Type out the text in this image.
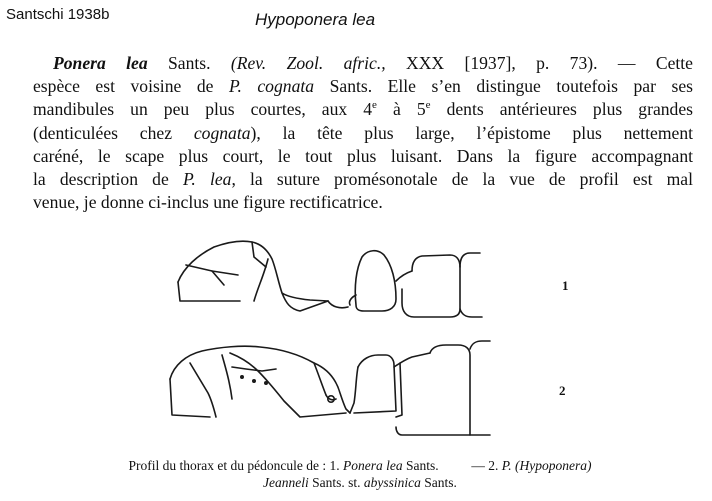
Santschi 1938b	Hypoponera lea
Ponera lea Sants. (Rev. Zool. afric., XXX [1937], p. 73). — Cette
espèce est voisine de P. cognata Sants. Elle s’en distingue toutefois par ses
mandibules un peu plus courtes, aux 4e à 5e dents antérieures plus grandes
(denticulées chez cognata), la tête plus large, l’épistome plus nettement
caréné, le scape plus court, le tout plus luisant. Dans la figure accompagnant
la description de P. lea, la suture promésonotale de la vue de profil est mal
venue, je donne ci-inclus une figure rectificatrice.
1
2
Profil du thorax et du pédoncule de : 1. Ponera lea Sants. — 2. P. (Hypoponera)
Jeanneli Sants. st. abyssinica Sants.
